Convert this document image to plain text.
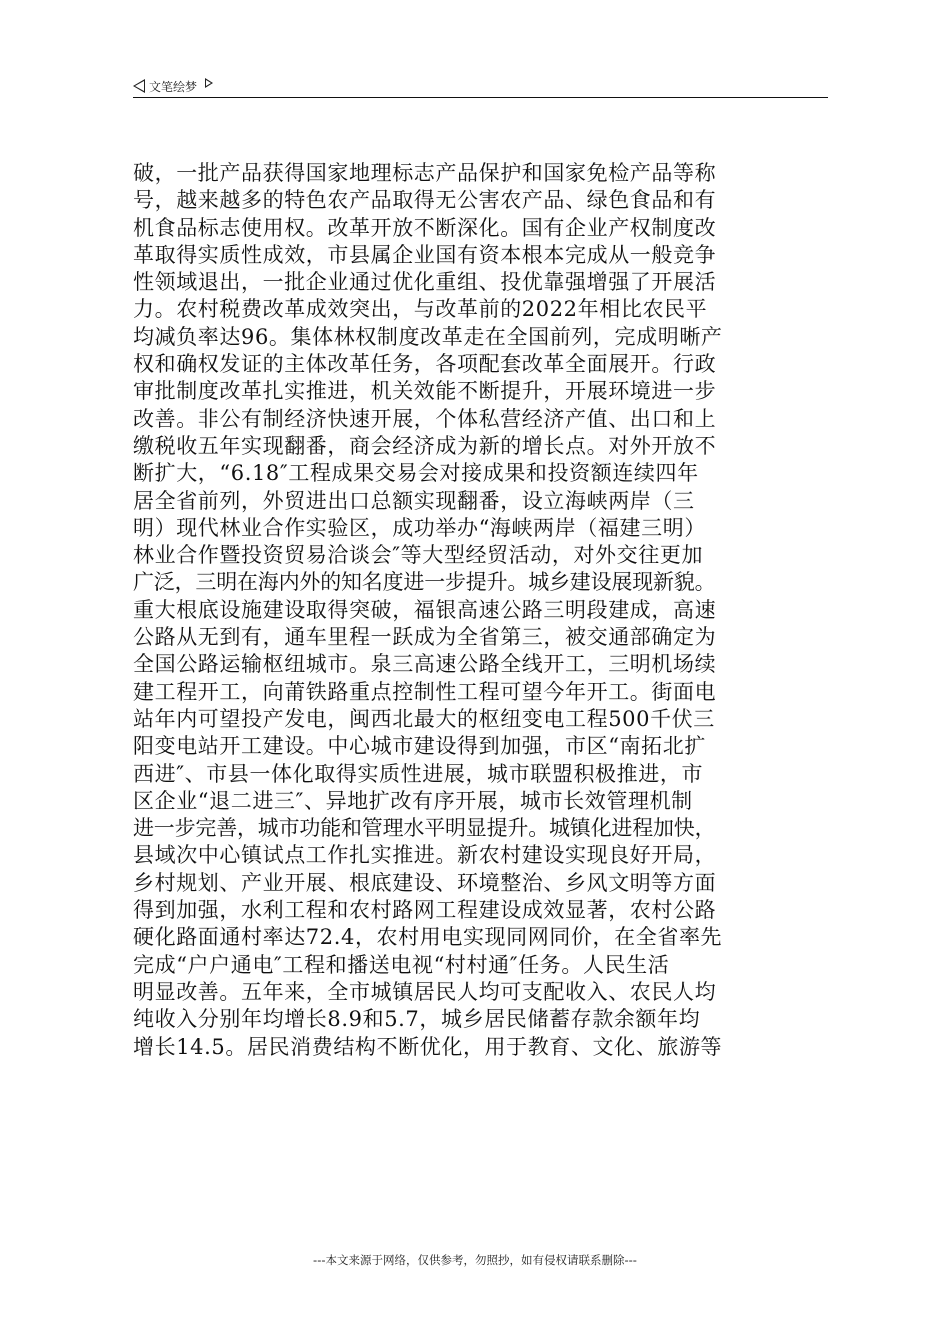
文笔绘梦
破，一批产品获得国家地理标志产品保护和国家免检产品等称
号，越来越多的特色农产品取得无公害农产品、绿色食品和有
机食品标志使用权。改革开放不断深化。国有企业产权制度改
革取得实质性成效，市县属企业国有资本根本完成从一般竞争
性领域退出，一批企业通过优化重组、投优靠强增强了开展活
力。农村税费改革成效突出，与改革前的2022年相比农民平
均减负率达96。集体林权制度改革走在全国前列，完成明晰产
权和确权发证的主体改革任务，各项配套改革全面展开。行政
审批制度改革扎实推进，机关效能不断提升，开展环境进一步
改善。非公有制经济快速开展，个体私营经济产值、出口和上
缴税收五年实现翻番，商会经济成为新的增长点。对外开放不
断扩大，“6.18″工程成果交易会对接成果和投资额连续四年
居全省前列，外贸进出口总额实现翻番，设立海峡两岸（三
明）现代林业合作实验区，成功举办“海峡两岸（福建三明）
林业合作暨投资贸易洽谈会″等大型经贸活动，对外交往更加
广泛，三明在海内外的知名度进一步提升。城乡建设展现新貌。
重大根底设施建设取得突破，福银高速公路三明段建成，高速
公路从无到有，通车里程一跃成为全省第三，被交通部确定为
全国公路运输枢纽城市。泉三高速公路全线开工，三明机场续
建工程开工，向莆铁路重点控制性工程可望今年开工。街面电
站年内可望投产发电，闽西北最大的枢纽变电工程500千伏三
阳变电站开工建设。中心城市建设得到加强，市区“南拓北扩
西进″、市县一体化取得实质性进展，城市联盟积极推进，市
区企业“退二进三″、异地扩改有序开展，城市长效管理机制
进一步完善，城市功能和管理水平明显提升。城镇化进程加快，
县域次中心镇试点工作扎实推进。新农村建设实现良好开局，
乡村规划、产业开展、根底建设、环境整治、乡风文明等方面
得到加强，水利工程和农村路网工程建设成效显著，农村公路
硬化路面通村率达72.4，农村用电实现同网同价，在全省率先
完成“户户通电″工程和播送电视“村村通″任务。人民生活
明显改善。五年来，全市城镇居民人均可支配收入、农民人均
纯收入分别年均增长8.9和5.7，城乡居民储蓄存款余额年均
增长14.5。居民消费结构不断优化，用于教育、文化、旅游等
---本文来源于网络，仅供参考，勿照抄，如有侵权请联系删除---
